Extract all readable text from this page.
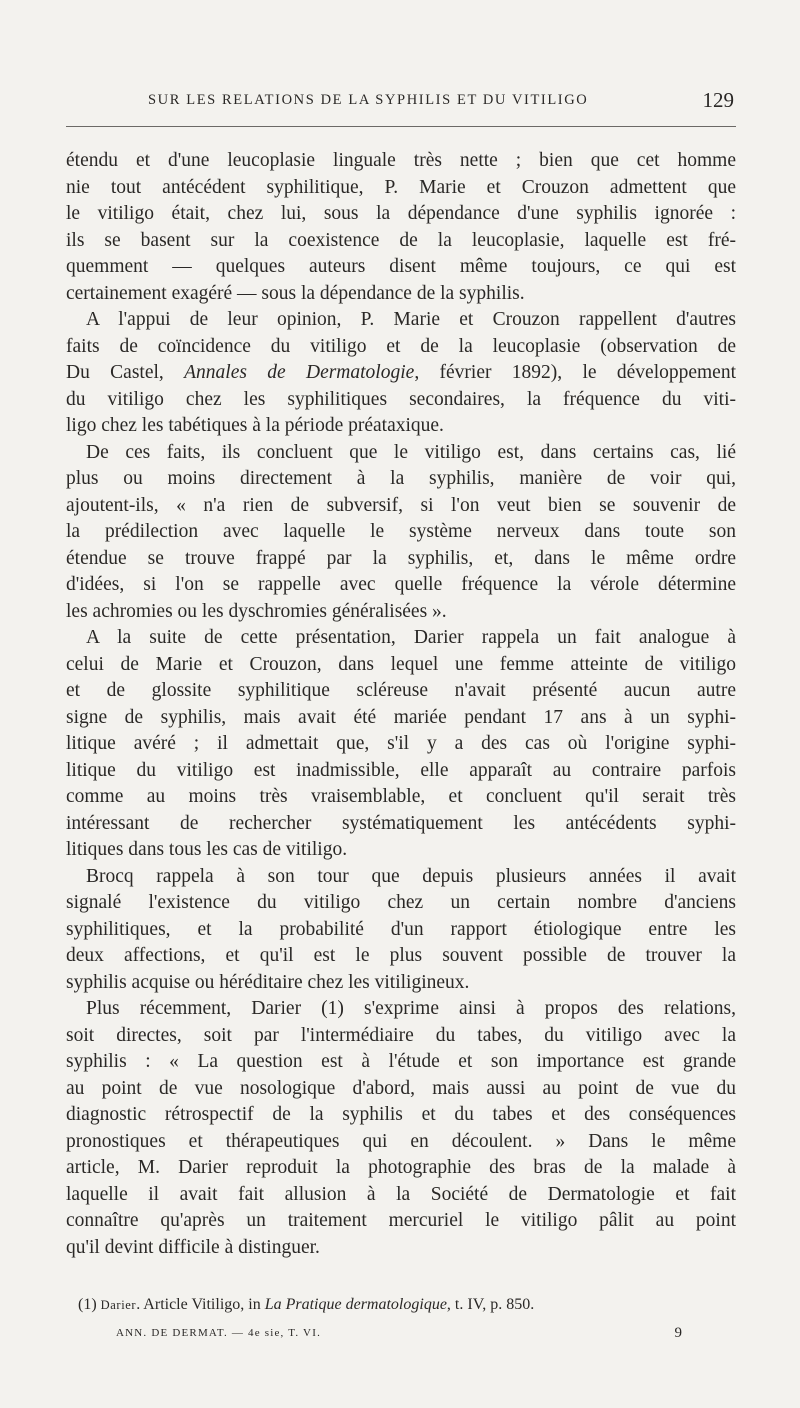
SUR LES RELATIONS DE LA SYPHILIS ET DU VITILIGO	129
étendu et d'une leucoplasie linguale très nette ; bien que cet homme
nie tout antécédent syphilitique, P. Marie et Crouzon admettent que
le vitiligo était, chez lui, sous la dépendance d'une syphilis ignorée :
ils se basent sur la coexistence de la leucoplasie, laquelle est fré-
quemment — quelques auteurs disent même toujours, ce qui est
certainement exagéré — sous la dépendance de la syphilis.
A l'appui de leur opinion, P. Marie et Crouzon rappellent d'autres
faits de coïncidence du vitiligo et de la leucoplasie (observation de
Du Castel, Annales de Dermatologie, février 1892), le développement
du vitiligo chez les syphilitiques secondaires, la fréquence du viti-
ligo chez les tabétiques à la période préataxique.
De ces faits, ils concluent que le vitiligo est, dans certains cas, lié
plus ou moins directement à la syphilis, manière de voir qui,
ajoutent-ils, « n'a rien de subversif, si l'on veut bien se souvenir de
la prédilection avec laquelle le système nerveux dans toute son
étendue se trouve frappé par la syphilis, et, dans le même ordre
d'idées, si l'on se rappelle avec quelle fréquence la vérole détermine
les achromies ou les dyschromies généralisées ».
A la suite de cette présentation, Darier rappela un fait analogue à
celui de Marie et Crouzon, dans lequel une femme atteinte de vitiligo
et de glossite syphilitique scléreuse n'avait présenté aucun autre
signe de syphilis, mais avait été mariée pendant 17 ans à un syphi-
litique avéré ; il admettait que, s'il y a des cas où l'origine syphi-
litique du vitiligo est inadmissible, elle apparaît au contraire parfois
comme au moins très vraisemblable, et concluent qu'il serait très
intéressant de rechercher systématiquement les antécédents syphi-
litiques dans tous les cas de vitiligo.
Brocq rappela à son tour que depuis plusieurs années il avait
signalé l'existence du vitiligo chez un certain nombre d'anciens
syphilitiques, et la probabilité d'un rapport étiologique entre les
deux affections, et qu'il est le plus souvent possible de trouver la
syphilis acquise ou héréditaire chez les vitiligineux.
Plus récemment, Darier (1) s'exprime ainsi à propos des relations,
soit directes, soit par l'intermédiaire du tabes, du vitiligo avec la
syphilis : « La question est à l'étude et son importance est grande
au point de vue nosologique d'abord, mais aussi au point de vue du
diagnostic rétrospectif de la syphilis et du tabes et des conséquences
pronostiques et thérapeutiques qui en découlent. » Dans le même
article, M. Darier reproduit la photographie des bras de la malade à
laquelle il avait fait allusion à la Société de Dermatologie et fait
connaître qu'après un traitement mercuriel le vitiligo pâlit au point
qu'il devint difficile à distinguer.
(1) Darier. Article Vitiligo, in La Pratique dermatologique, t. IV, p. 850.
ANN. DE DERMAT. — 4e sie, T. VI.	9
